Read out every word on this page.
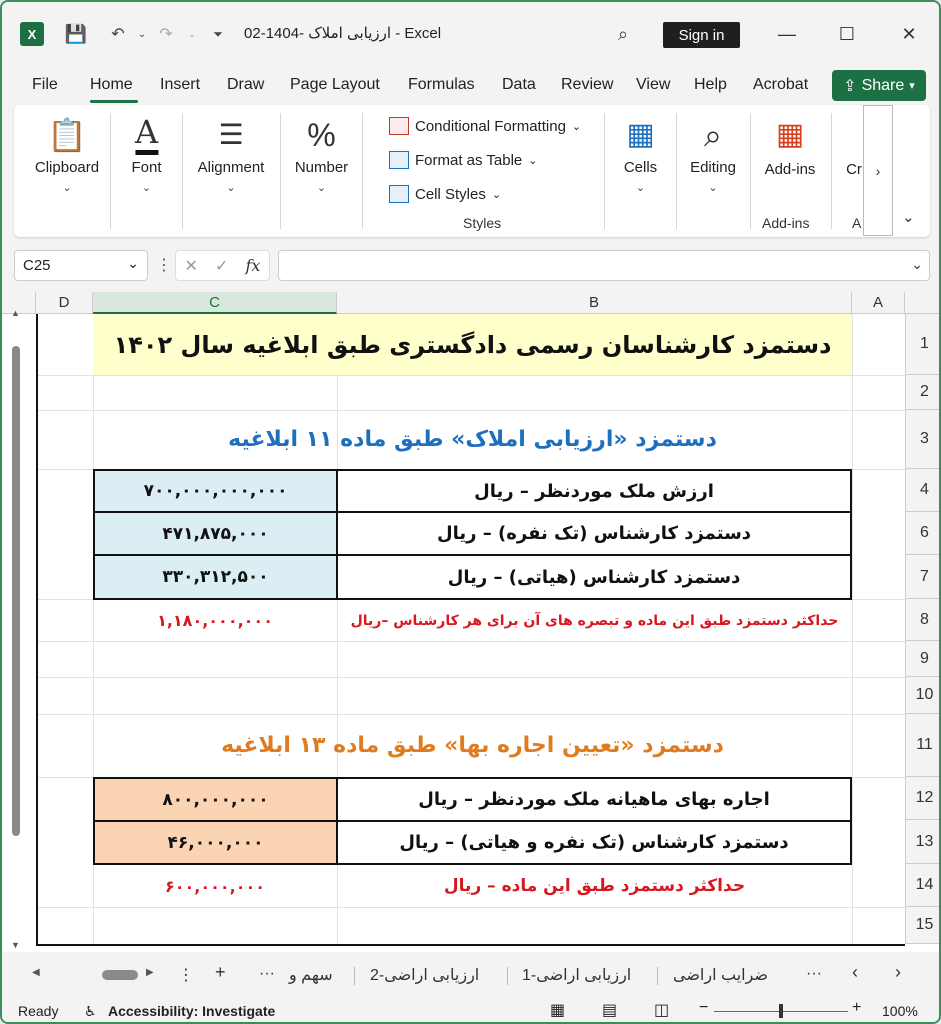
X	💾	↶	⌄ ↷	⌄	⏷	ارزیابی املاک -1404-02 - Excel	⌕	Sign in	—	☐	✕
File Home Insert Draw Page Layout Formulas Data Review View Help Acrobat ⇪ Share ▾
📋
Clipboard
⌄
A
Font
⌄
☰
Alignment
⌄
%
Number
⌄
Conditional Formatting ⌄
Format as Table ⌄
Cell Styles ⌄
Styles
▦
Cells
⌄
⌕
Editing
⌄
▦
Add-ins
Add-ins
Cr
A
›
⌄
C25	⌄ ⋮ ✕ ✓ fx	⌄
D	C	B	A
▲
▼
1
2
3
4
6
7
8
9
10
11
12
13
14
15
دستمزد کارشناسان رسمی دادگستری طبق ابلاغیه سال ۱۴۰۲
دستمزد «ارزیابی املاک» طبق ماده ۱۱ ابلاغیه
ارزش ملک موردنظر – ریال
۷۰۰,۰۰۰,۰۰۰,۰۰۰
دستمزد کارشناس (تک نفره) – ریال
۴۷۱,۸۷۵,۰۰۰
دستمزد کارشناس (هیاتی) – ریال
۳۳۰,۳۱۲,۵۰۰
حداکثر دستمزد طبق این ماده و تبصره های آن برای هر کارشناس –ریال
۱,۱۸۰,۰۰۰,۰۰۰
دستمزد «تعیین اجاره بها» طبق ماده ۱۳ ابلاغیه
اجاره بهای ماهیانه ملک موردنظر – ریال
۸۰۰,۰۰۰,۰۰۰
دستمزد کارشناس (تک نفره و هیاتی) – ریال
۴۶,۰۰۰,۰۰۰
حداکثر دستمزد طبق این ماده – ریال
۶۰۰,۰۰۰,۰۰۰
◀	▶ ⋮ + ··· سهم و ارزیابی اراضی-2	ارزیابی اراضی-1	ضرایب اراضی ··· ‹ ›
Ready ♿ Accessibility: Investigate	▦ ▤ ◫ −	+ 100%
